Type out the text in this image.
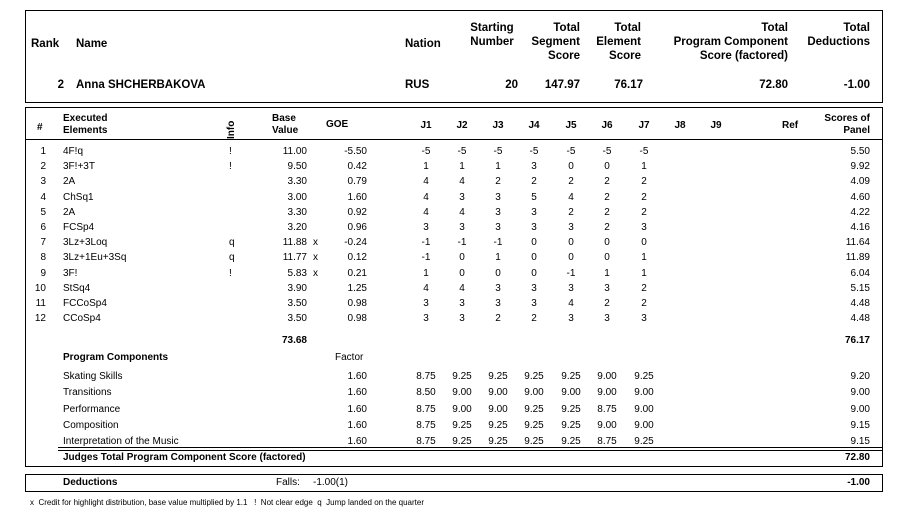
Rank Name	Nation
Starting
Number
Total
Segment
Score
Total
Element
Score
Total
Program Component
Score (factored)
Total
Deductions
2 Anna SHCHERBAKOVA	RUS	20	147.97	76.17	72.80	-1.00
#
Executed
Elements	Info
Base
Value
GOE	J1	J2	J3	J4	J5	J6	J7	J8	J9	Ref
Scores of
Panel
1 4F!q	!	11.00	-5.50	-5	-5	-5	-5	-5	-5	-5	5.50
2 3F!+3T	!	9.50	0.42	1	1	1	3	0	0	1	9.92
3 2A	3.30	0.79	4	4	2	2	2	2	2	4.09
4 ChSq1	3.00	1.60	4	3	3	5	4	2	2	4.60
5 2A	3.30	0.92	4	4	3	3	2	2	2	4.22
6 FCSp4	3.20	0.96	3	3	3	3	3	2	3	4.16
7 3Lz+3Loq	q	11.88 x	-0.24	-1	-1	-1	0	0	0	0	11.64
8 3Lz+1Eu+3Sq	q	11.77 x	0.12	-1	0	1	0	0	0	1	11.89
9 3F!	!	5.83 x	0.21	1	0	0	0	-1	1	1	6.04
10 StSq4	3.90	1.25	4	4	3	3	3	3	2	5.15
11 FCCoSp4	3.50	0.98	3	3	3	3	4	2	2	4.48
12 CCoSp4	3.50	0.98	3	3	2	2	3	3	3	4.48
73.68	76.17
Program Components	Factor
Skating Skills	1.60	8.75	9.25	9.25	9.25	9.25	9.00	9.25	9.20
Transitions	1.60	8.50	9.00	9.00	9.00	9.00	9.00	9.00	9.00
Performance	1.60	8.75	9.00	9.00	9.25	9.25	8.75	9.00	9.00
Composition	1.60	8.75	9.25	9.25	9.25	9.25	9.00	9.00	9.15
Interpretation of the Music	1.60	8.75	9.25	9.25	9.25	9.25	8.75	9.25	9.15
Judges Total Program Component Score (factored)	72.80
Deductions	Falls: -1.00(1)	-1.00
x  Credit for highlight distribution, base value multiplied by 1.1   !  Not clear edge  q  Jump landed on the quarter
